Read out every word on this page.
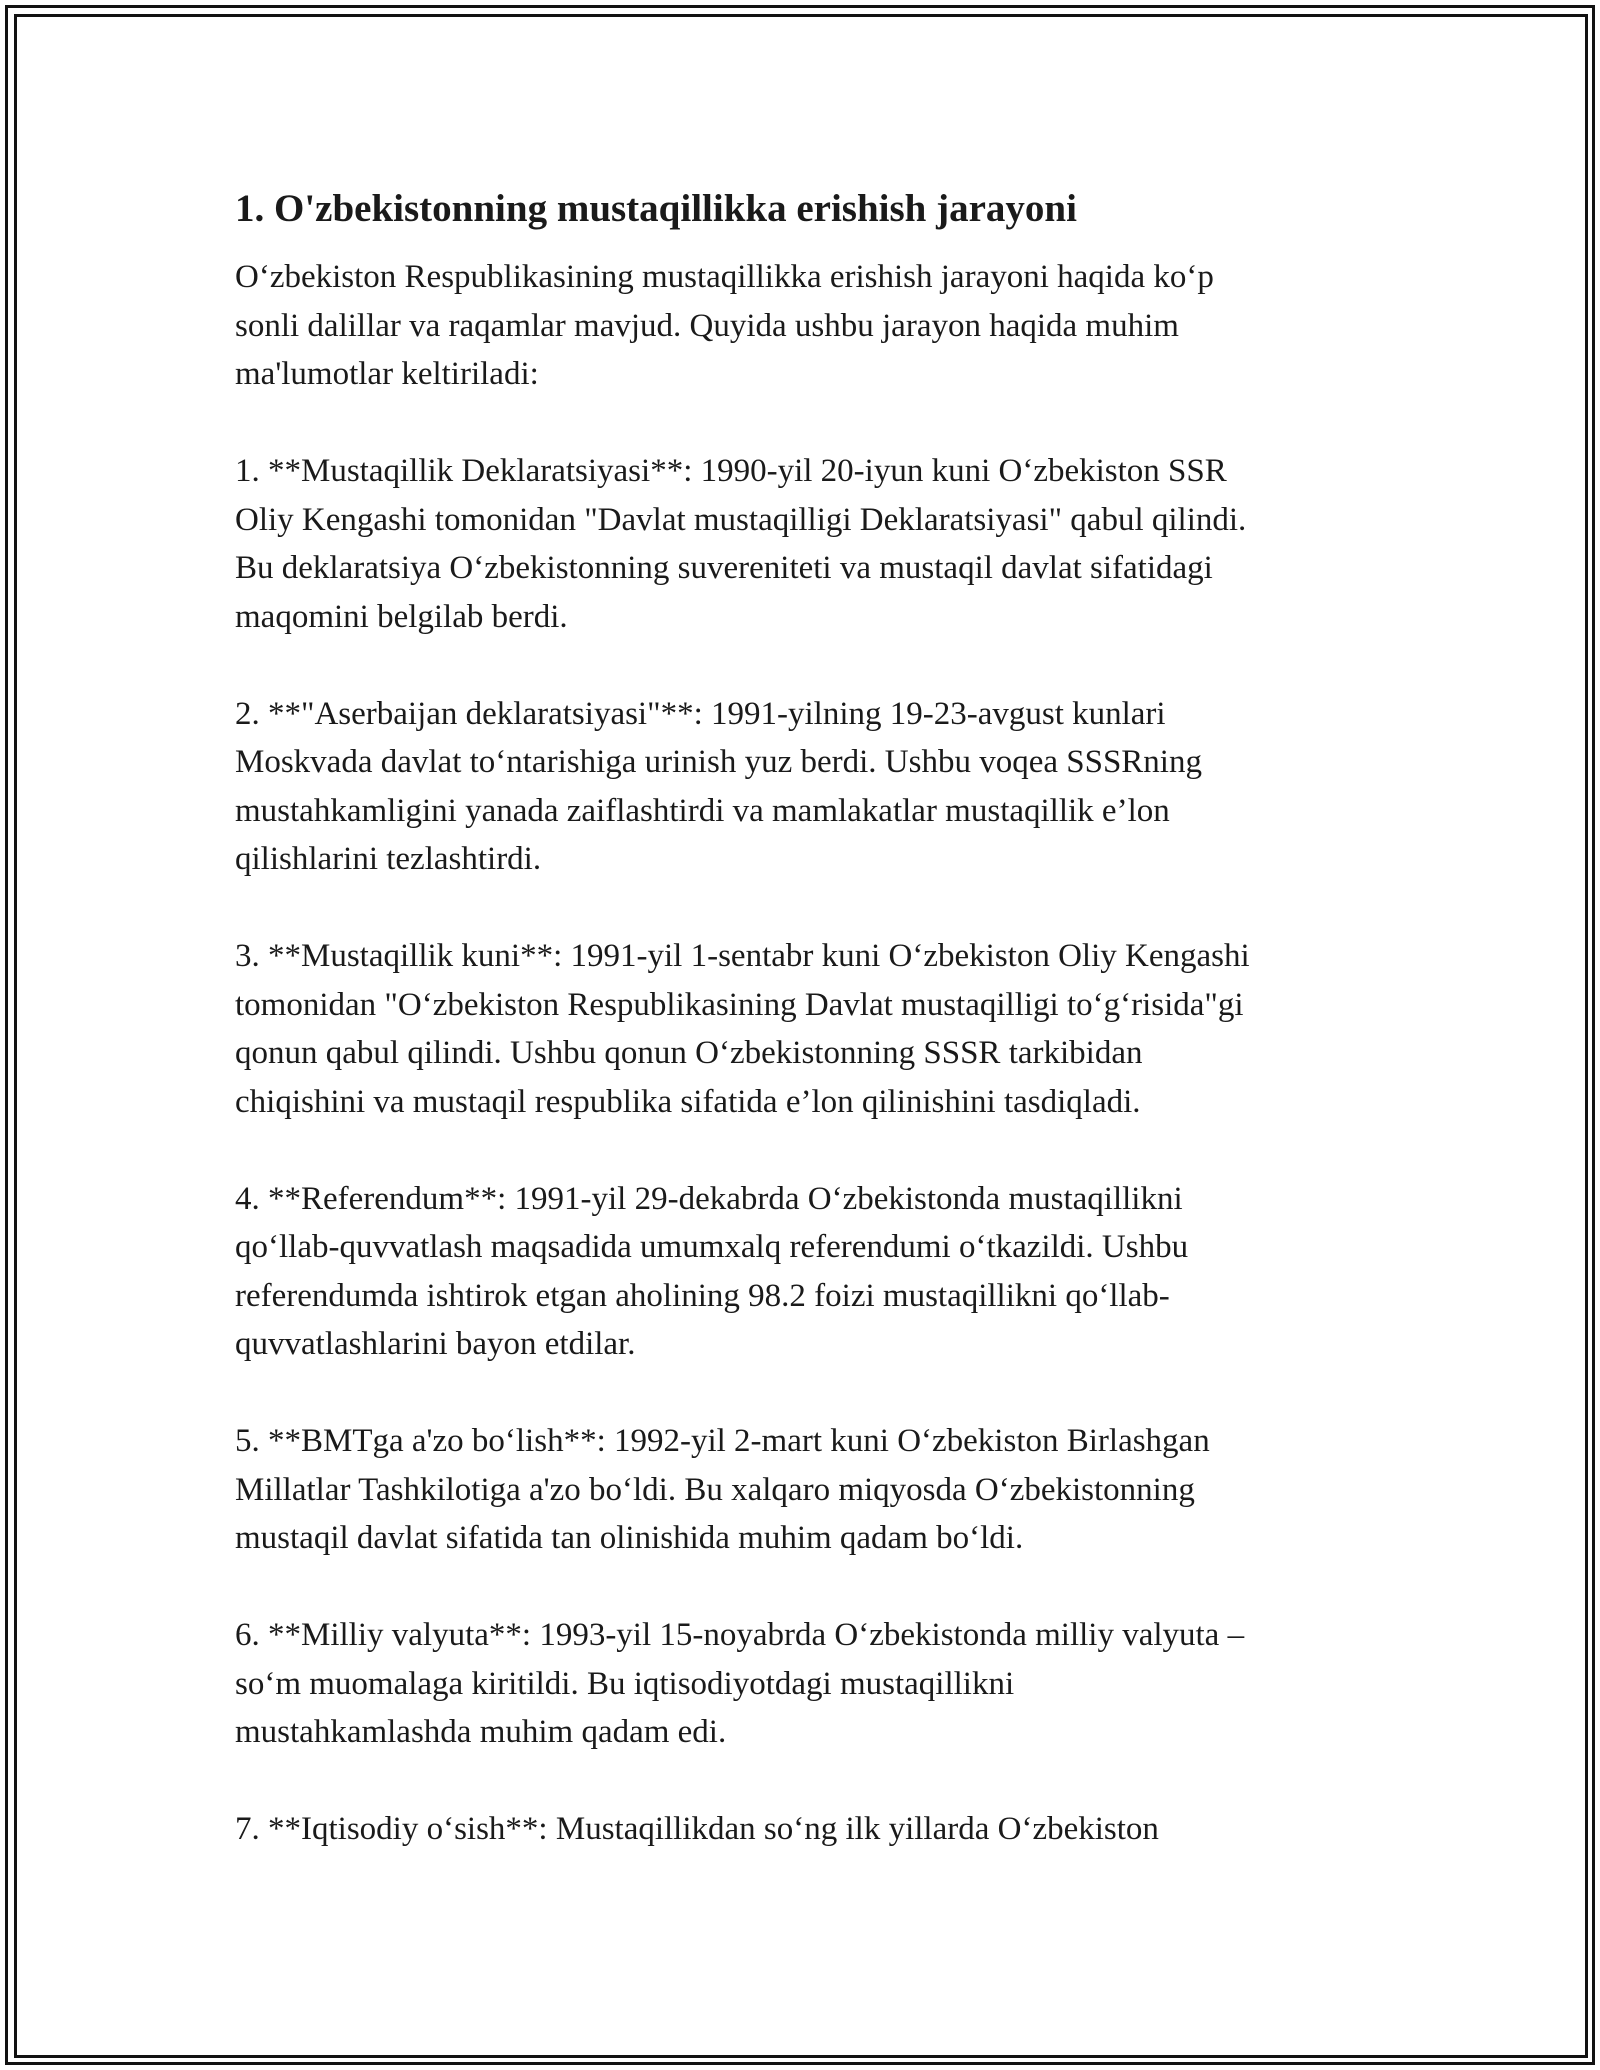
1. O'zbekistonning mustaqillikka erishish jarayoni
O‘zbekiston Respublikasining mustaqillikka erishish jarayoni haqida ko‘p
sonli dalillar va raqamlar mavjud. Quyida ushbu jarayon haqida muhim
ma'lumotlar keltiriladi:
1. **Mustaqillik Deklaratsiyasi**: 1990-yil 20-iyun kuni O‘zbekiston SSR
Oliy Kengashi tomonidan "Davlat mustaqilligi Deklaratsiyasi" qabul qilindi.
Bu deklaratsiya O‘zbekistonning suvereniteti va mustaqil davlat sifatidagi
maqomini belgilab berdi.
2. **"Aserbaijan deklaratsiyasi"**: 1991-yilning 19-23-avgust kunlari
Moskvada davlat to‘ntarishiga urinish yuz berdi. Ushbu voqea SSSRning
mustahkamligini yanada zaiflashtirdi va mamlakatlar mustaqillik e’lon
qilishlarini tezlashtirdi.
3. **Mustaqillik kuni**: 1991-yil 1-sentabr kuni O‘zbekiston Oliy Kengashi
tomonidan "O‘zbekiston Respublikasining Davlat mustaqilligi to‘g‘risida"gi
qonun qabul qilindi. Ushbu qonun O‘zbekistonning SSSR tarkibidan
chiqishini va mustaqil respublika sifatida e’lon qilinishini tasdiqladi.
4. **Referendum**: 1991-yil 29-dekabrda O‘zbekistonda mustaqillikni
qo‘llab-quvvatlash maqsadida umumxalq referendumi o‘tkazildi. Ushbu
referendumda ishtirok etgan aholining 98.2 foizi mustaqillikni qo‘llab-
quvvatlashlarini bayon etdilar.
5. **BMTga a'zo bo‘lish**: 1992-yil 2-mart kuni O‘zbekiston Birlashgan
Millatlar Tashkilotiga a'zo bo‘ldi. Bu xalqaro miqyosda O‘zbekistonning
mustaqil davlat sifatida tan olinishida muhim qadam bo‘ldi.
6. **Milliy valyuta**: 1993-yil 15-noyabrda O‘zbekistonda milliy valyuta –
so‘m muomalaga kiritildi. Bu iqtisodiyotdagi mustaqillikni
mustahkamlashda muhim qadam edi.
7. **Iqtisodiy o‘sish**: Mustaqillikdan so‘ng ilk yillarda O‘zbekiston
